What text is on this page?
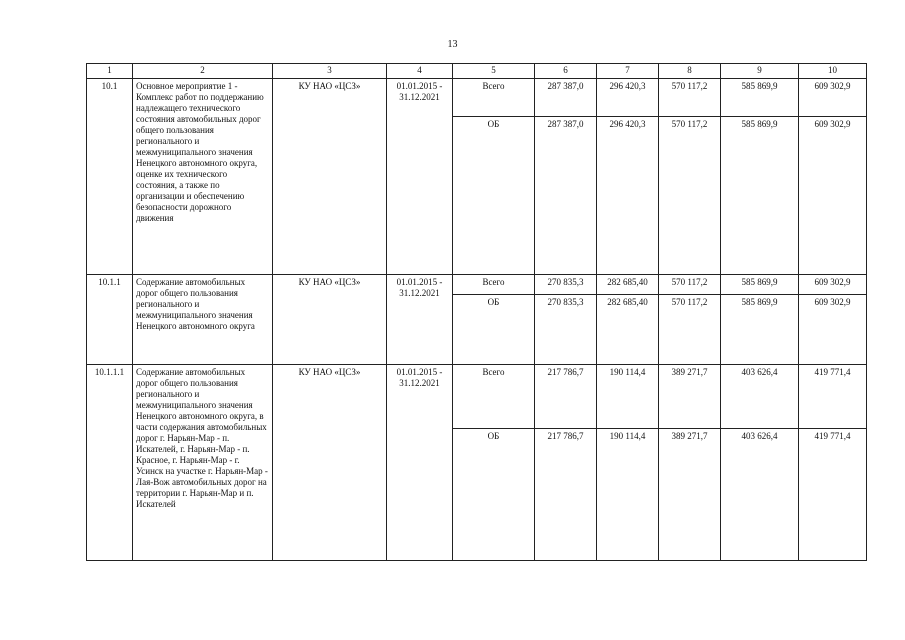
13
1	2	3	4	5	6	7	8	9	10
10.1	Основное мероприятие 1 - Комплекс работ по поддержанию надлежащего технического состояния автомобильных дорог общего пользования регионального и межмуниципального значения Ненецкого автономного округа, оценке их технического состояния, а также по организации и обеспечению безопасности дорожного движения	КУ НАО «ЦСЗ»	01.01.2015 - 31.12.2021	Всего	287 387,0	296 420,3	570 117,2	585 869,9	609 302,9
				ОБ	287 387,0	296 420,3	570 117,2	585 869,9	609 302,9
10.1.1	Содержание автомобильных дорог общего пользования регионального и межмуниципального значения Ненецкого автономного округа	КУ НАО «ЦСЗ»	01.01.2015 - 31.12.2021	Всего	270 835,3	282 685,40	570 117,2	585 869,9	609 302,9
				ОБ	270 835,3	282 685,40	570 117,2	585 869,9	609 302,9
10.1.1.1	Содержание автомобильных дорог общего пользования регионального и межмуниципального значения Ненецкого автономного округа, в части содержания автомобильных дорог г. Нарьян-Мар - п. Искателей, г. Нарьян-Мар - п. Красное, г. Нарьян-Мар - г. Усинск на участке г. Нарьян-Мар - Лая-Вож автомобильных дорог на территории г. Нарьян-Мар и п. Искателей	КУ НАО «ЦСЗ»	01.01.2015 - 31.12.2021	Всего	217 786,7	190 114,4	389 271,7	403 626,4	419 771,4
				ОБ	217 786,7	190 114,4	389 271,7	403 626,4	419 771,4
